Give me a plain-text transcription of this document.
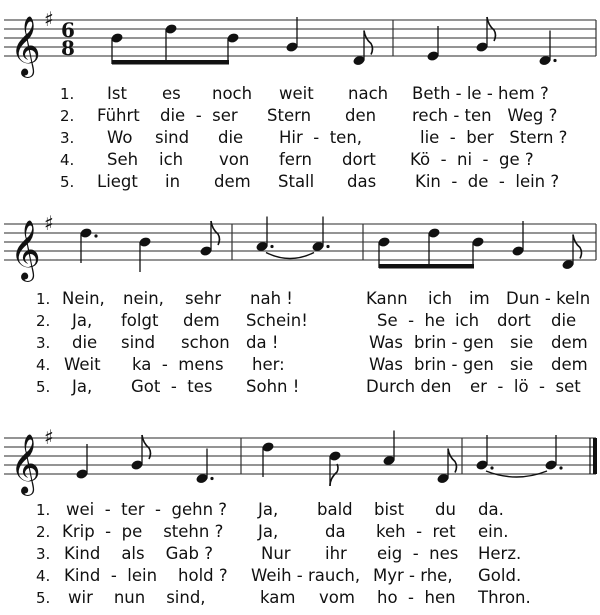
𝄞 ♯ 6
8
𝄞 ♯
𝄞 ♯
1. Ist es noch weit nach Beth - le - hem ?
2. Führt die  -  ser Stern den rech - ten   Weg ?
3. Wo sind die Hir  -  ten,	lie  -  ber   Stern ?
4. Seh ich von fern dort Kö  -  ni  -  ge ?
5. Liegt in dem Stall das Kin  -  de  -  lein ?
1. Nein, nein, sehr nah !	Kann ich im Dun - keln
2. Ja, folgt dem Schein!	Se  -  he ich dort die
3. die sind schon da !	Was brin - gen sie dem
4. Weit ka  -  mens her:	Was brin - gen sie dem
5. Ja, Got  -  tes Sohn !	Durch den er  -  lö  -  set
1. wei  -  ter  -  gehn ? Ja, bald bist du da.
2. Krip  -  pe    stehn ? Ja,	da keh  -  ret ein.
3. Kind    als    Gab ?	Nur ihr eig  -  nes Herz.
4. Kind  -  lein    hold ? Weih - rauch, Myr - rhe, Gold.
5. wir    nun    sind,	kam vom ho  -  hen Thron.
